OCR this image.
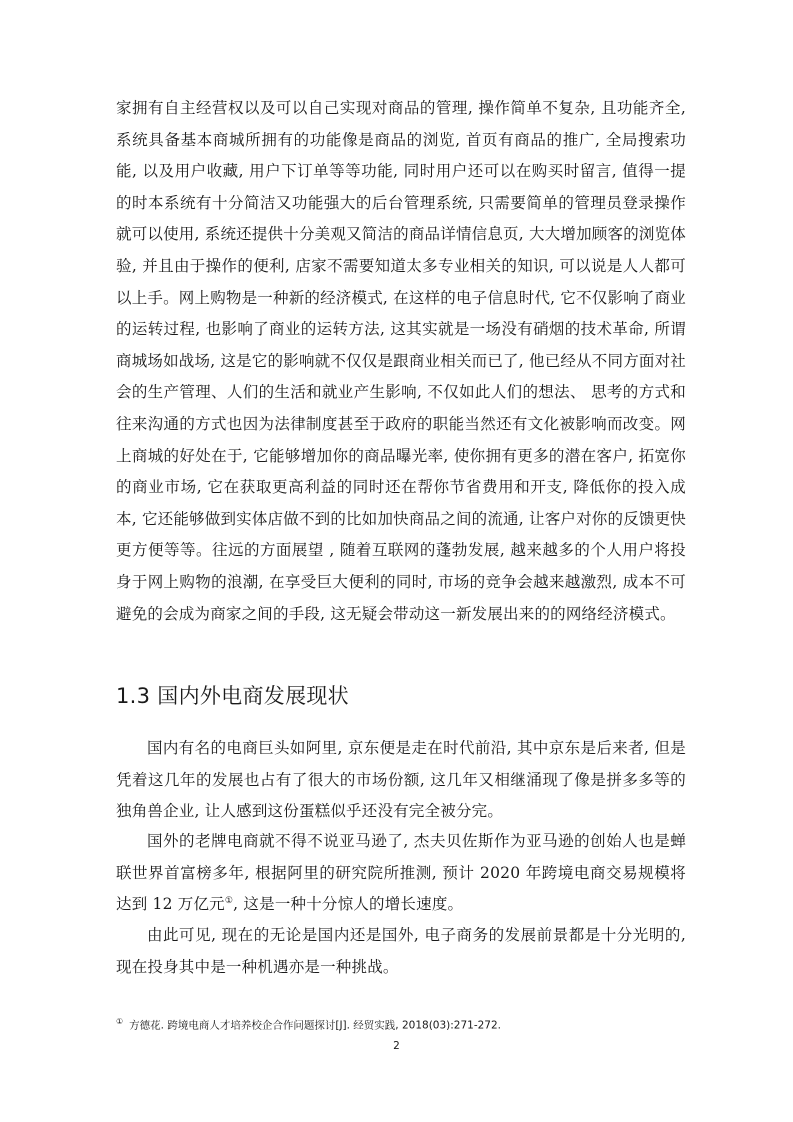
家拥有自主经营权以及可以自己实现对商品的管理, 操作简单不复杂, 且功能齐全, 系统具备基本商城所拥有的功能像是商品的浏览, 首页有商品的推广, 全局搜索功能, 以及用户收藏, 用户下订单等等功能, 同时用户还可以在购买时留言, 值得一提的时本系统有十分简洁又功能强大的后台管理系统, 只需要简单的管理员登录操作就可以使用, 系统还提供十分美观又简洁的商品详情信息页, 大大增加顾客的浏览体验, 并且由于操作的便利, 店家不需要知道太多专业相关的知识, 可以说是人人都可以上手。网上购物是一种新的经济模式, 在这样的电子信息时代, 它不仅影响了商业的运转过程, 也影响了商业的运转方法, 这其实就是一场没有硝烟的技术革命, 所谓商城场如战场, 这是它的影响就不仅仅是跟商业相关而已了, 他已经从不同方面对社会的生产管理、人们的生活和就业产生影响, 不仅如此人们的想法、 思考的方式和往来沟通的方式也因为法律制度甚至于政府的职能当然还有文化被影响而改变。网上商城的好处在于, 它能够增加你的商品曝光率, 使你拥有更多的潜在客户, 拓宽你的商业市场, 它在获取更高利益的同时还在帮你节省费用和开支, 降低你的投入成本, 它还能够做到实体店做不到的比如加快商品之间的流通, 让客户对你的反馈更快更方便等等。往远的方面展望 , 随着互联网的蓬勃发展, 越来越多的个人用户将投身于网上购物的浪潮, 在享受巨大便利的同时, 市场的竞争会越来越激烈, 成本不可避免的会成为商家之间的手段, 这无疑会带动这一新发展出来的的网络经济模式。

1.3 国内外电商发展现状

国内有名的电商巨头如阿里, 京东便是走在时代前沿, 其中京东是后来者, 但是凭着这几年的发展也占有了很大的市场份额, 这几年又相继涌现了像是拼多多等的独角兽企业, 让人感到这份蛋糕似乎还没有完全被分完。

国外的老牌电商就不得不说亚马逊了, 杰夫贝佐斯作为亚马逊的创始人也是蝉联世界首富榜多年, 根据阿里的研究院所推测, 预计 2020 年跨境电商交易规模将达到 12 万亿元①, 这是一种十分惊人的增长速度。

由此可见, 现在的无论是国内还是国外, 电子商务的发展前景都是十分光明的, 现在投身其中是一种机遇亦是一种挑战。

① 方德花. 跨境电商人才培养校企合作问题探讨[J]. 经贸实践, 2018(03):271-272.

2
